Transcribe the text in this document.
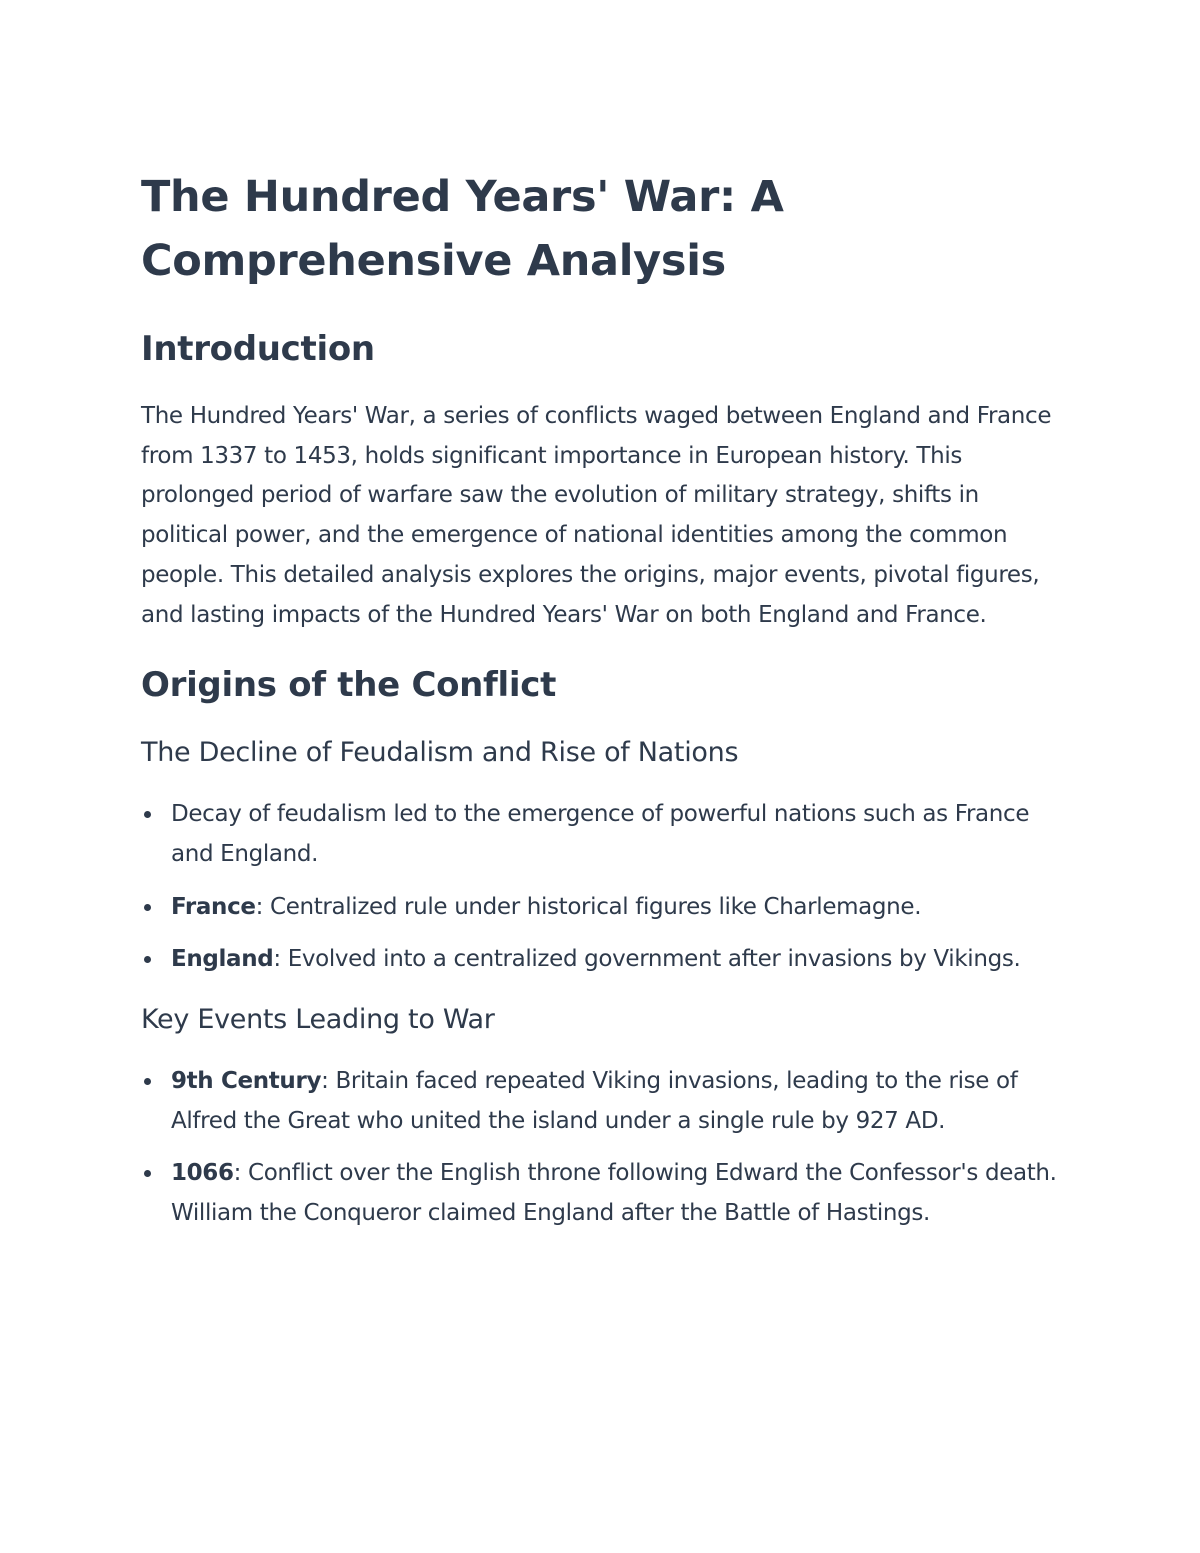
The Hundred Years' War: A Comprehensive Analysis
Introduction

The Hundred Years' War, a series of conflicts waged between England and France from 1337 to 1453, holds significant importance in European history. This prolonged period of warfare saw the evolution of military strategy, shifts in political power, and the emergence of national identities among the common people. This detailed analysis explores the origins, major events, pivotal figures, and lasting impacts of the Hundred Years' War on both England and France.

Origins of the Conflict
The Decline of Feudalism and Rise of Nations
Decay of feudalism led to the emergence of powerful nations such as France and England.
France: Centralized rule under historical figures like Charlemagne.
England: Evolved into a centralized government after invasions by Vikings.
Key Events Leading to War
9th Century: Britain faced repeated Viking invasions, leading to the rise of Alfred the Great who united the island under a single rule by 927 AD.
1066: Conflict over the English throne following Edward the Confessor's death. William the Conqueror claimed England after the Battle of Hastings.
